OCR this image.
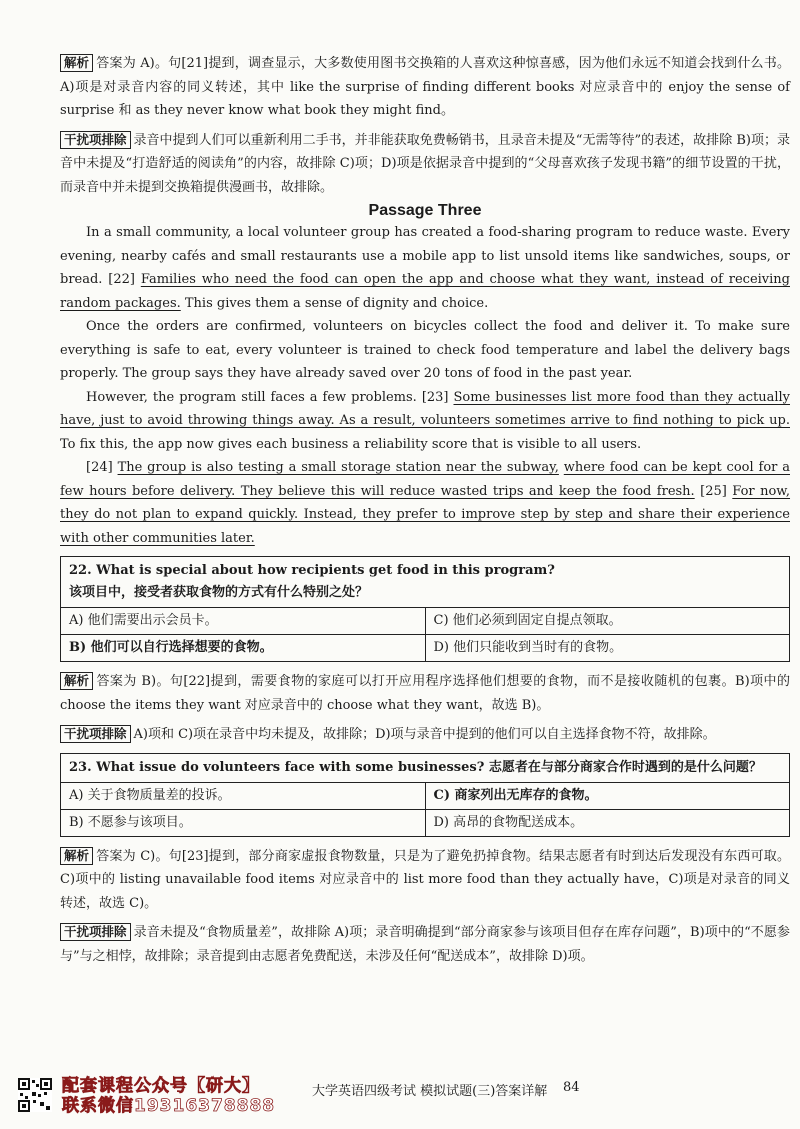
解析 答案为 A)。句[21]提到，调查显示，大多数使用图书交换箱的人喜欢这种惊喜感，因为他们永远不知道会找到什么书。A)项是对录音内容的同义转述，其中 like the surprise of finding different books 对应录音中的 enjoy the sense of surprise 和 as they never know what book they might find。

干扰项排除 录音中提到人们可以重新利用二手书，并非能获取免费畅销书，且录音未提及“无需等待”的表述，故排除 B)项；录音中未提及“打造舒适的阅读角”的内容，故排除 C)项；D)项是依据录音中提到的“父母喜欢孩子发现书籍”的细节设置的干扰，而录音中并未提到交换箱提供漫画书，故排除。

Passage Three

In a small community, a local volunteer group has created a food-sharing program to reduce waste. Every evening, nearby cafés and small restaurants use a mobile app to list unsold items like sandwiches, soups, or bread. [22] Families who need the food can open the app and choose what they want, instead of receiving random packages. This gives them a sense of dignity and choice.

Once the orders are confirmed, volunteers on bicycles collect the food and deliver it. To make sure everything is safe to eat, every volunteer is trained to check food temperature and label the delivery bags properly. The group says they have already saved over 20 tons of food in the past year.

However, the program still faces a few problems. [23] Some businesses list more food than they actually have, just to avoid throwing things away. As a result, volunteers sometimes arrive to find nothing to pick up. To fix this, the app now gives each business a reliability score that is visible to all users.

[24] The group is also testing a small storage station near the subway, where food can be kept cool for a few hours before delivery. They believe this will reduce wasted trips and keep the food fresh. [25] For now, they do not plan to expand quickly. Instead, they prefer to improve step by step and share their experience with other communities later.

22. What is special about how recipients get food in this program?
该项目中，接受者获取食物的方式有什么特别之处？
A) 他们需要出示会员卡。	C) 他们必须到固定自提点领取。
B) 他们可以自行选择想要的食物。	D) 他们只能收到当时有的食物。

解析 答案为 B)。句[22]提到，需要食物的家庭可以打开应用程序选择他们想要的食物，而不是接收随机的包裹。B)项中的 choose the items they want 对应录音中的 choose what they want，故选 B)。

干扰项排除 A)项和 C)项在录音中均未提及，故排除；D)项与录音中提到的他们可以自主选择食物不符，故排除。

23. What issue do volunteers face with some businesses? 志愿者在与部分商家合作时遇到的是什么问题？
A) 关于食物质量差的投诉。	C) 商家列出无库存的食物。
B) 不愿参与该项目。	D) 高昂的食物配送成本。

解析 答案为 C)。句[23]提到，部分商家虚报食物数量，只是为了避免扔掉食物。结果志愿者有时到达后发现没有东西可取。C)项中的 listing unavailable food items 对应录音中的 list more food than they actually have，C)项是对录音的同义转述，故选 C)。

干扰项排除 录音未提及“食物质量差”，故排除 A)项；录音明确提到“部分商家参与该项目但存在库存问题”，B)项中的“不愿参与”与之相悖，故排除；录音提到由志愿者免费配送，未涉及任何“配送成本”，故排除 D)项。

配套课程公众号【研大】
联系微信19316378888
大学英语四级考试 模拟试题(三)答案详解 84
